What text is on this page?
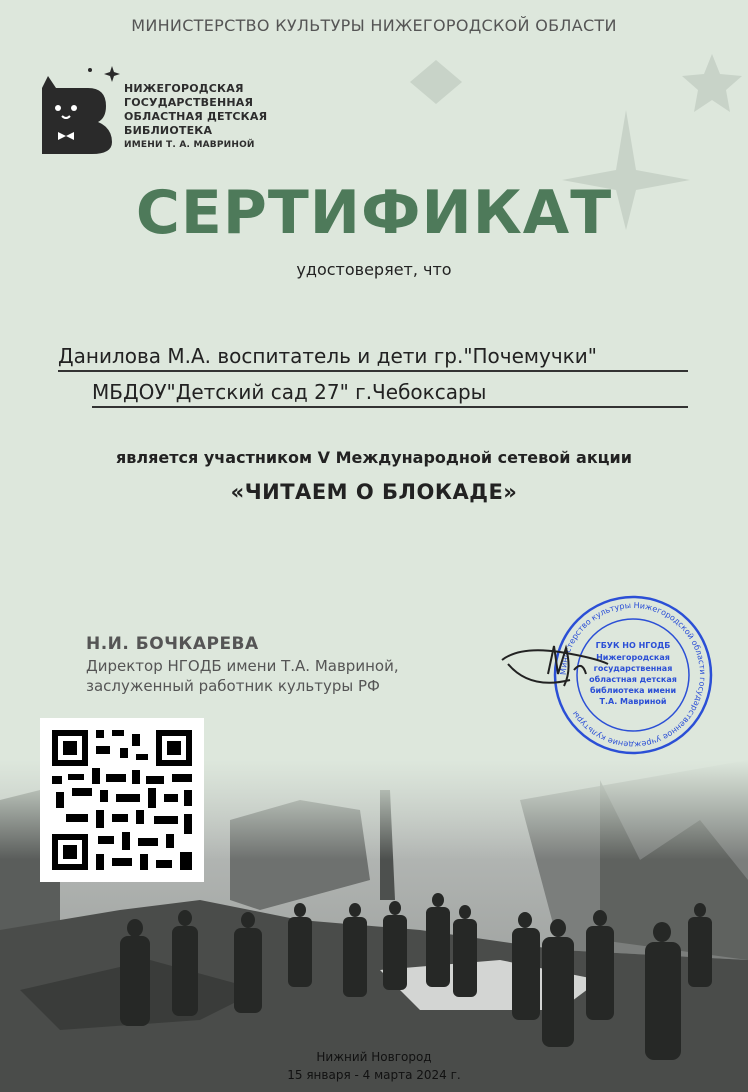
МИНИСТЕРСТВО КУЛЬТУРЫ НИЖЕГОРОДСКОЙ ОБЛАСТИ
НИЖЕГОРОДСКАЯ
ГОСУДАРСТВЕННАЯ
ОБЛАСТНАЯ ДЕТСКАЯ
БИБЛИОТЕКА
ИМЕНИ Т. А. МАВРИНОЙ
СЕРТИФИКАТ
удостоверяет, что
Данилова М.А. воспитатель и дети гр."Почемучки"
МБДОУ"Детский сад 27" г.Чебоксары
является участником V Международной сетевой акции
«ЧИТАЕМ О БЛОКАДЕ»
Н.И. БОЧКАРЕВА
Директор НГОДБ имени Т.А. Мавриной,
заслуженный работник культуры РФ
Министерство культуры Нижегородской области государственное учреждение культуры
ГБУК НО НГОДБ
Нижегородская
государственная
областная детская
библиотека имени
Т.А. Мавриной
Нижний Новгород
15 января - 4 марта 2024 г.
